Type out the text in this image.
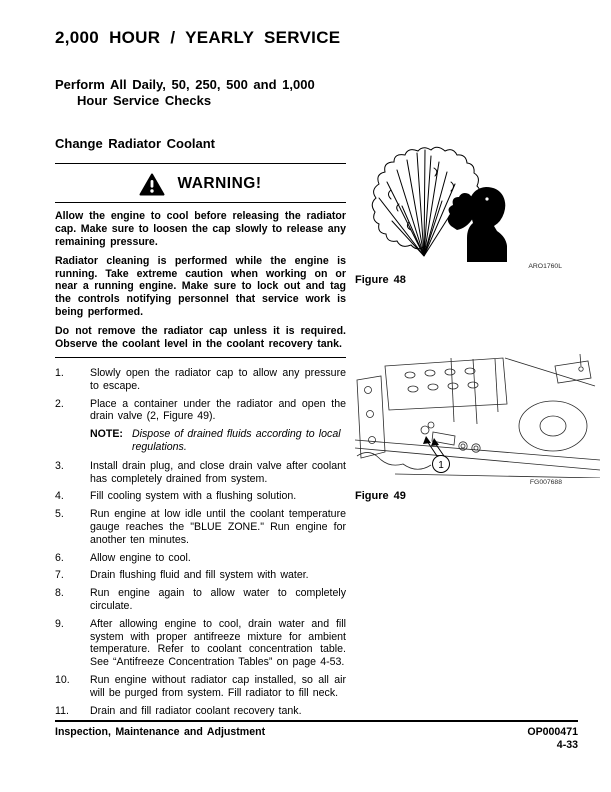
2,000 HOUR / YEARLY SERVICE
Perform All Daily, 50, 250, 500 and 1,000
Hour Service Checks
Change Radiator Coolant
WARNING!

Allow the engine to cool before releasing the radiator cap. Make sure to loosen the cap slowly to release any remaining pressure.

Radiator cleaning is performed while the engine is running. Take extreme caution when working on or near a running engine. Make sure to lock out and tag the controls notifying personnel that service work is being performed.

Do not remove the radiator cap unless it is required. Observe the coolant level in the coolant recovery tank.

1.	Slowly open the radiator cap to allow any pressure to escape.
2.	Place a container under the radiator and open the drain valve (2, Figure 49).
NOTE: Dispose of drained fluids according to local regulations.
3.	Install drain plug, and close drain valve after coolant has completely drained from system.
4.	Fill cooling system with a flushing solution.
5.	Run engine at low idle until the coolant temperature gauge reaches the "BLUE ZONE." Run engine for another ten minutes.
6.	Allow engine to cool.
7.	Drain flushing fluid and fill system with water.
8.	Run engine again to allow water to completely circulate.
9.	After allowing engine to cool, drain water and fill system with proper antifreeze mixture for ambient temperature. Refer to coolant concentration table. See “Antifreeze Concentration Tables” on page 4-53.
10.	Run engine without radiator cap installed, so all air will be purged from system. Fill radiator to fill neck.
11.	Drain and fill radiator coolant recovery tank.
ARO1760L
Figure 48
1
FG007688
Figure 49
Inspection, Maintenance and Adjustment	OP000471
4-33
